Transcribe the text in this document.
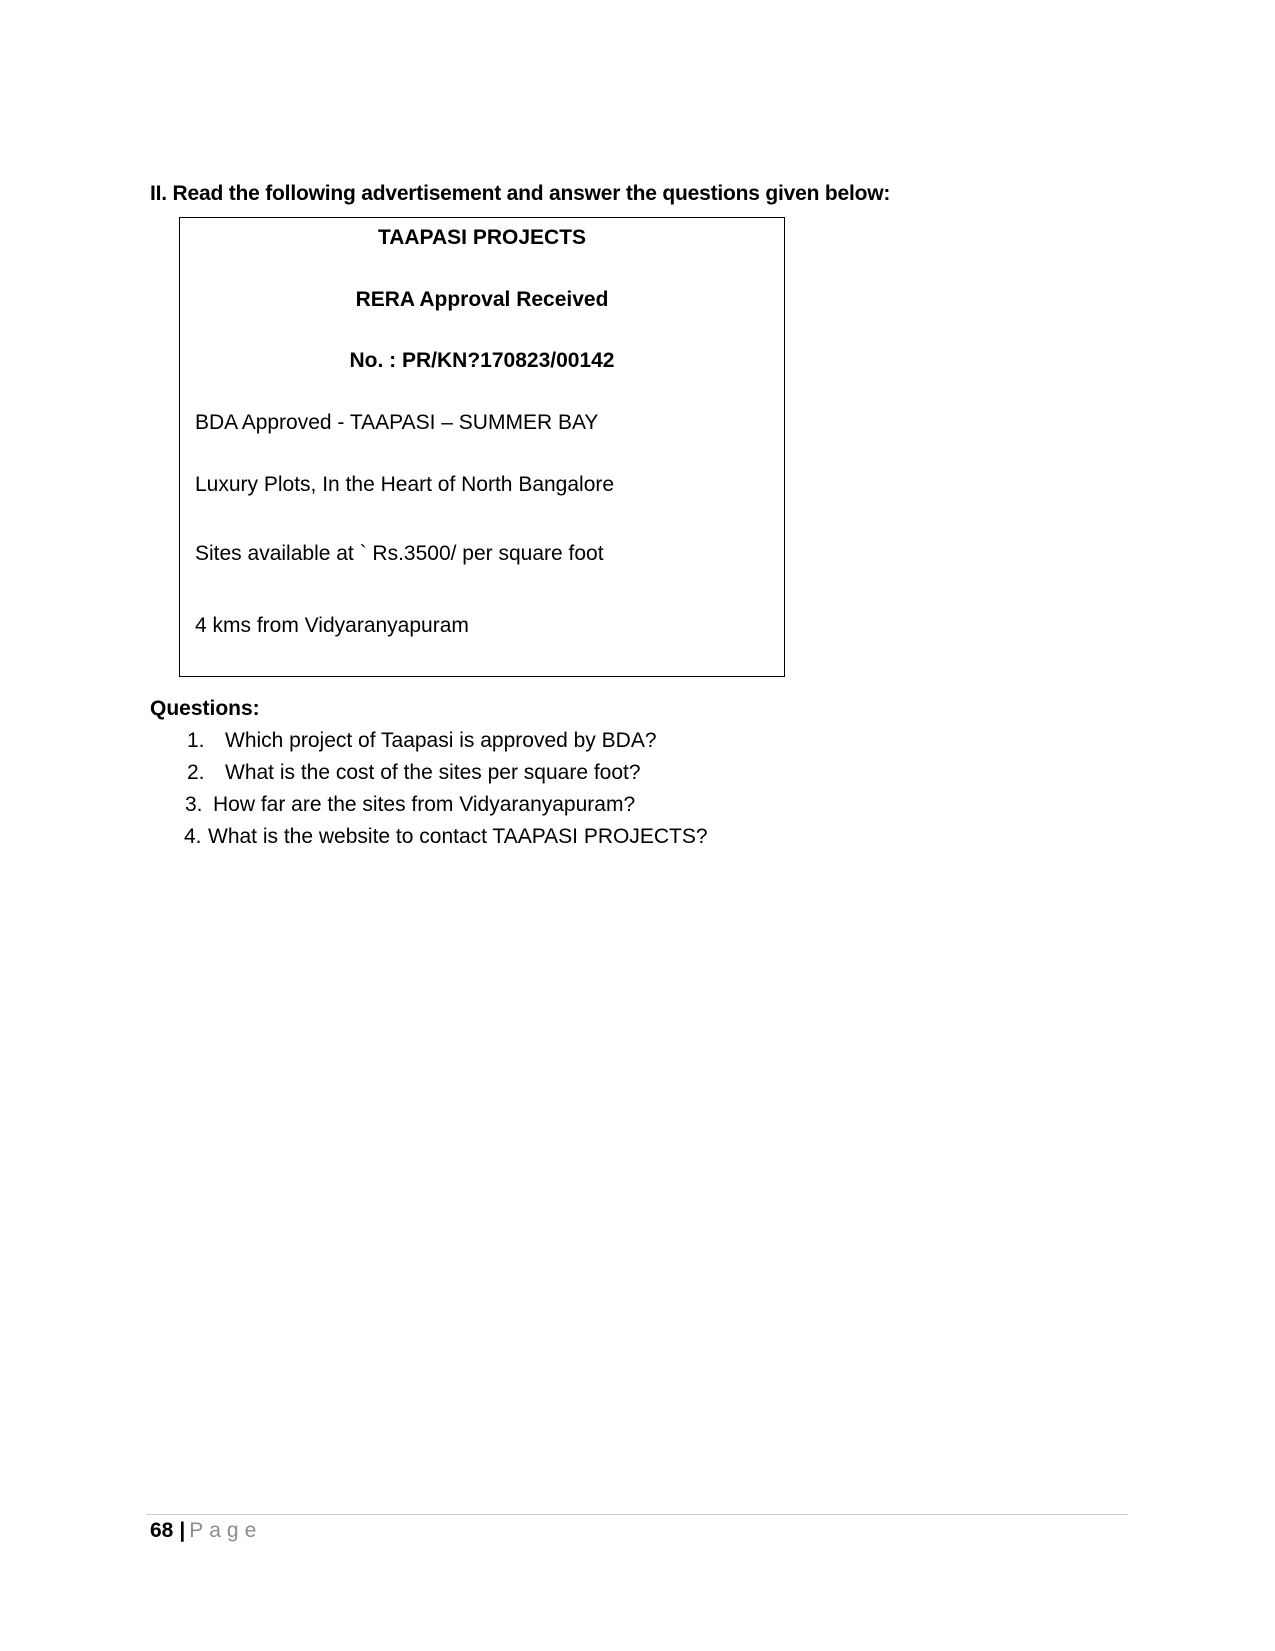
II. Read the following advertisement and answer the questions given below:
TAAPASI PROJECTS
RERA Approval Received
No. : PR/KN?170823/00142
BDA Approved - TAAPASI – SUMMER BAY
Luxury Plots, In the Heart of North Bangalore
Sites available at ` Rs.3500/ per square foot
4 kms from Vidyaranyapuram
Questions:
1. Which project of Taapasi is approved by BDA?
2. What is the cost of the sites per square foot?
3. How far are the sites from Vidyaranyapuram?
4. What is the website to contact TAAPASI PROJECTS?
68 | Page
